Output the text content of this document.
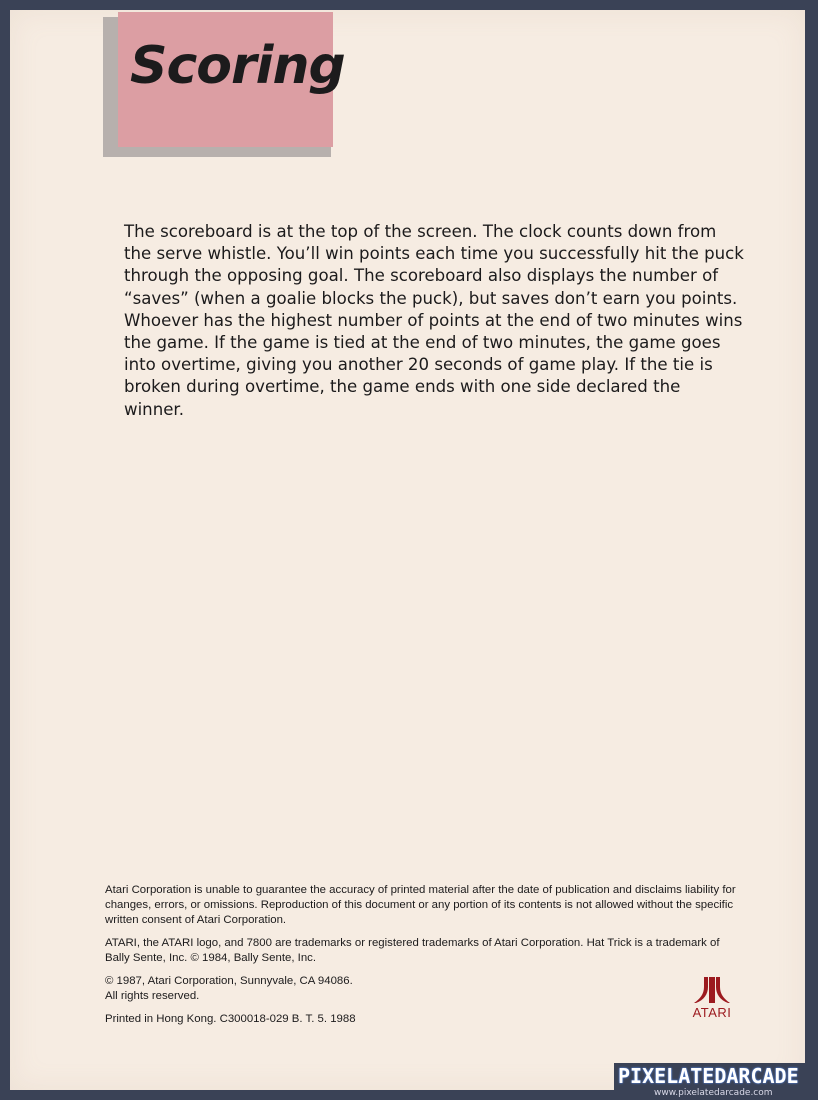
Scoring

The scoreboard is at the top of the screen. The clock counts down from the serve whistle. You’ll win points each time you successfully hit the puck through the opposing goal. The scoreboard also displays the number of “saves” (when a goalie blocks the puck), but saves don’t earn you points. Whoever has the highest number of points at the end of two minutes wins the game. If the game is tied at the end of two minutes, the game goes into overtime, giving you another 20 seconds of game play. If the tie is broken during overtime, the game ends with one side declared the winner.

Atari Corporation is unable to guarantee the accuracy of printed material after the date of publication and disclaims liability for changes, errors, or omissions. Reproduction of this document or any portion of its contents is not allowed without the specific written consent of Atari Corporation.

ATARI, the ATARI logo, and 7800 are trademarks or registered trademarks of Atari Corporation. Hat Trick is a trademark of Bally Sente, Inc. © 1984, Bally Sente, Inc.

© 1987, Atari Corporation, Sunnyvale, CA 94086.
All rights reserved.

Printed in Hong Kong. C300018-029 B. T. 5. 1988	ATARI
PIXELATEDARCADE
www.pixelatedarcade.com
